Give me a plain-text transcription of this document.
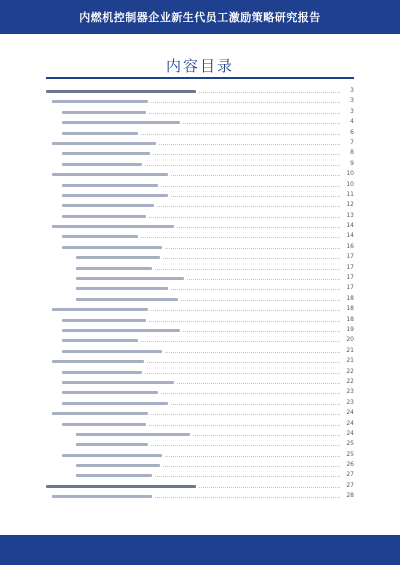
内燃机控制器企业新生代员工激励策略研究报告
内容目录
3
3
3
4
6
7
8
9
10
10
11
12
13
14
14
16
17
17
17
17
18
18
18
19
20
21
21
22
22
23
23
24
24
24
25
25
26
27
27
28
